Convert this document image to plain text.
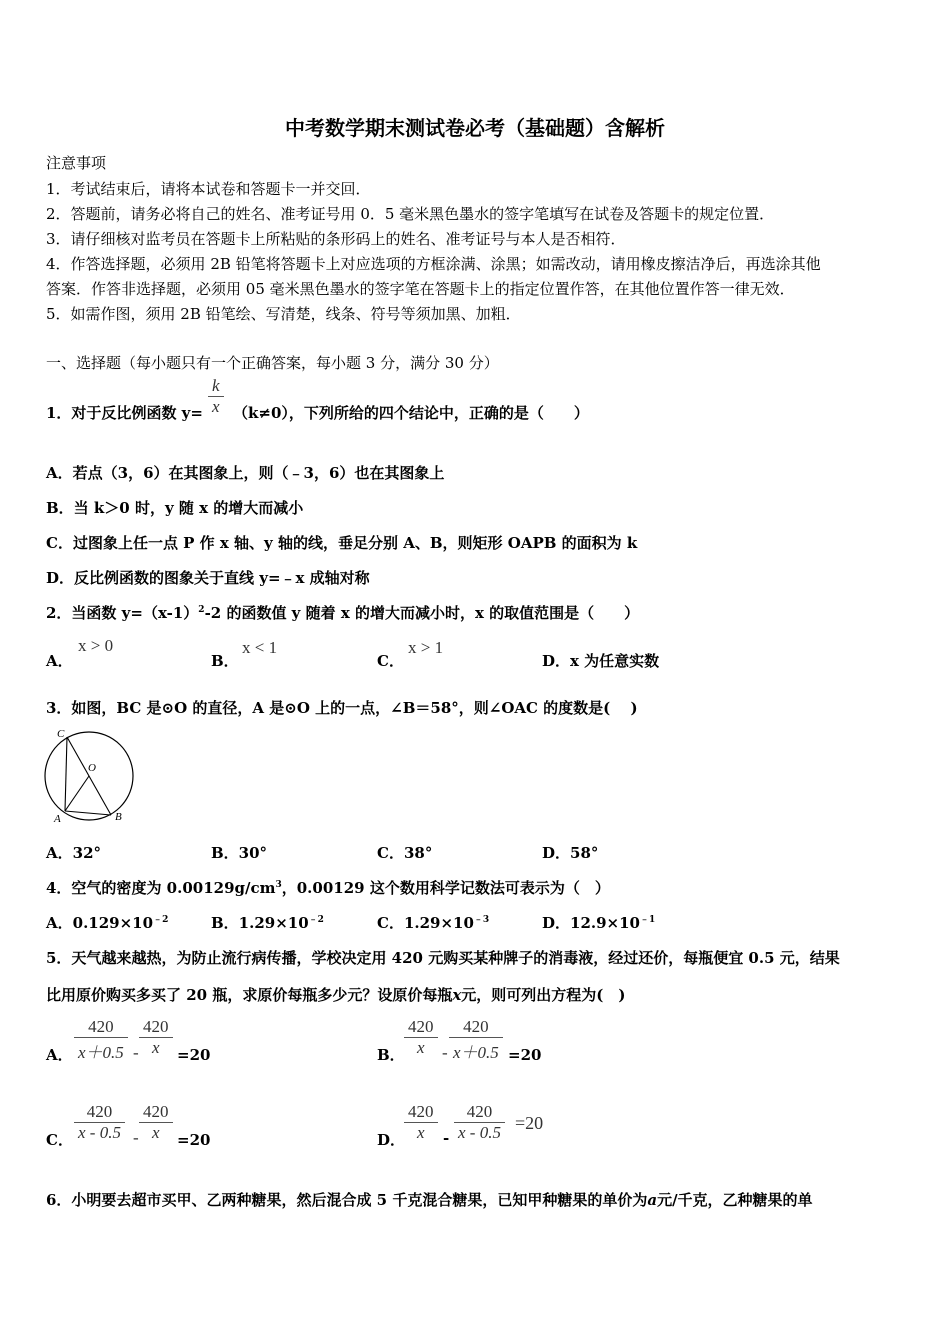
中考数学期末测试卷必考（基础题）含解析
注意事项
1．考试结束后，请将本试卷和答题卡一并交回．
2．答题前，请务必将自己的姓名、准考证号用 0．5 毫米黑色墨水的签字笔填写在试卷及答题卡的规定位置．
3．请仔细核对监考员在答题卡上所粘贴的条形码上的姓名、准考证号与本人是否相符．
4．作答选择题，必须用 2B 铅笔将答题卡上对应选项的方框涂满、涂黑；如需改动，请用橡皮擦洁净后，再选涂其他
答案．作答非选择题，必须用 05 毫米黑色墨水的签字笔在答题卡上的指定位置作答，在其他位置作答一律无效．
5．如需作图，须用 2B 铅笔绘、写清楚，线条、符号等须加黑、加粗．
一、选择题（每小题只有一个正确答案，每小题 3 分，满分 30 分）
1．对于反比例函数 $y= \frac{k}{x} (k\ne 0)$，下列所给的四个结论中，正确的是（　　）
A．若点（3，6）在其图象上，则（﹣3，6）也在其图象上
B．当 k＞0 时，y 随 x 的增大而减小
C．过图象上任一点 P 作 x 轴、y 轴的线，垂足分别 A、B，则矩形 OAPB 的面积为 k
D．反比例函数的图象关于直线 y=﹣x 成轴对称
2．当函数 $y=(x-1)^2-2$ 的函数值 y 随着 x 的增大而减小时，x 的取值范围是（　　）
A．
x > 0
B．
x < 1
C．
x > 1
D．x 为任意实数
3．如图，BC 是⊙O 的直径，A 是⊙O 上的一点，∠B＝58°，则∠OAC 的度数是(　 )
C
O
A	B
A．32°	B．30°	C．38°	D．58°
4．空气的密度为 $0.00129g/cm^3$，0.00129 这个数用科学记数法可表示为（　）
A．$0.129\times 10^{﹣2}$	B．$1.29\times 10^{﹣2}$	C．$1.29\times 10^{﹣3}$	D．$12.9\times 10^{﹣1}$
5．天气越来越热，为防止流行病传播，学校决定用 420 元购买某种牌子的消毒液，经过还价，每瓶便宜 0.5 元，结果
比用原价购买多买了 20 瓶，求原价每瓶多少元？设原价每瓶x元，则可列出方程为(　)
A． $\frac{420}{x+0.5} - \frac{420}{x} =20$	B． $\frac{420}{x} - \frac{420}{x+0.5} =20$
C． $\frac{420}{x - 0.5} - \frac{420}{x} =20$	D．
$\frac{420}{x} - \frac{420}{x - 0.5} =20$
6．小明要去超市买甲、乙两种糖果，然后混合成 5 千克混合糖果，已知甲种糖果的单价为a元/千克，乙种糖果的单
